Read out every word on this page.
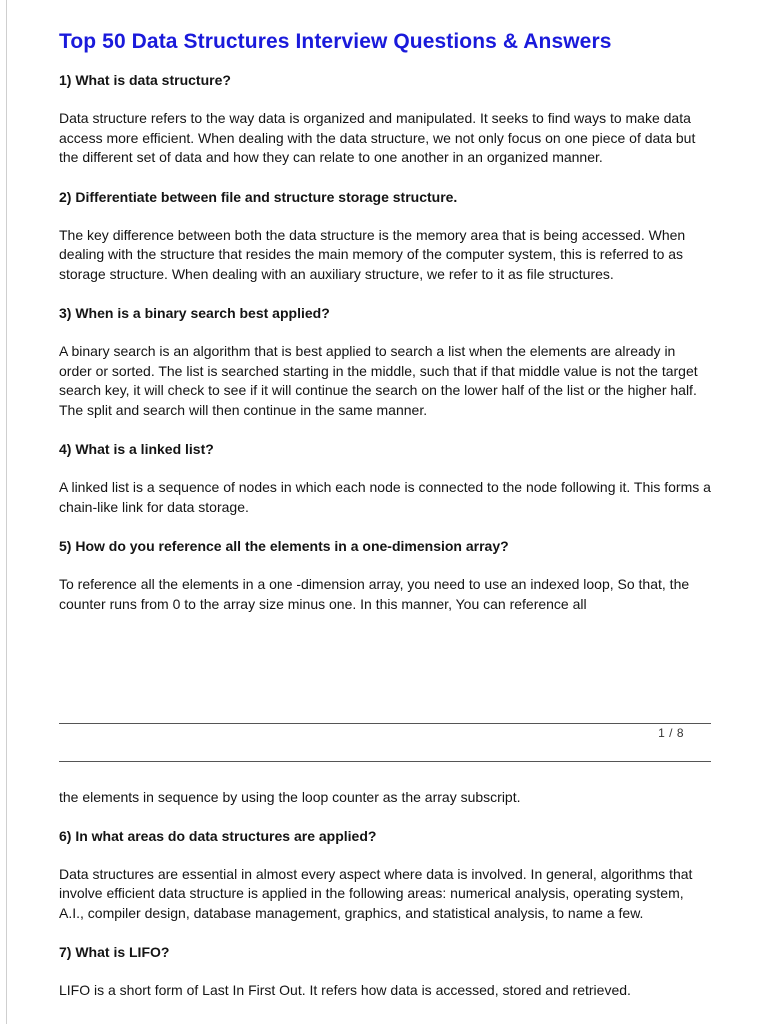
Top 50 Data Structures Interview Questions & Answers
1) What is data structure?
Data structure refers to the way data is organized and manipulated. It seeks to find ways to make data access more efficient. When dealing with the data structure, we not only focus on one piece of data but the different set of data and how they can relate to one another in an organized manner.
2) Differentiate between file and structure storage structure.
The key difference between both the data structure is the memory area that is being accessed. When dealing with the structure that resides the main memory of the computer system, this is referred to as storage structure. When dealing with an auxiliary structure, we refer to it as file structures.
3) When is a binary search best applied?
A binary search is an algorithm that is best applied to search a list when the elements are already in order or sorted. The list is searched starting in the middle, such that if that middle value is not the target search key, it will check to see if it will continue the search on the lower half of the list or the higher half. The split and search will then continue in the same manner.
4) What is a linked list?
A linked list is a sequence of nodes in which each node is connected to the node following it. This forms a chain-like link for data storage.
5) How do you reference all the elements in a one-dimension array?
To reference all the elements in a one -dimension array, you need to use an indexed loop, So that, the counter runs from 0 to the array size minus one. In this manner, You can reference all
1 / 8
the elements in sequence by using the loop counter as the array subscript.
6) In what areas do data structures are applied?
Data structures are essential in almost every aspect where data is involved. In general, algorithms that involve efficient data structure is applied in the following areas: numerical analysis, operating system, A.I., compiler design, database management, graphics, and statistical analysis, to name a few.
7) What is LIFO?
LIFO is a short form of Last In First Out. It refers how data is accessed, stored and retrieved.
